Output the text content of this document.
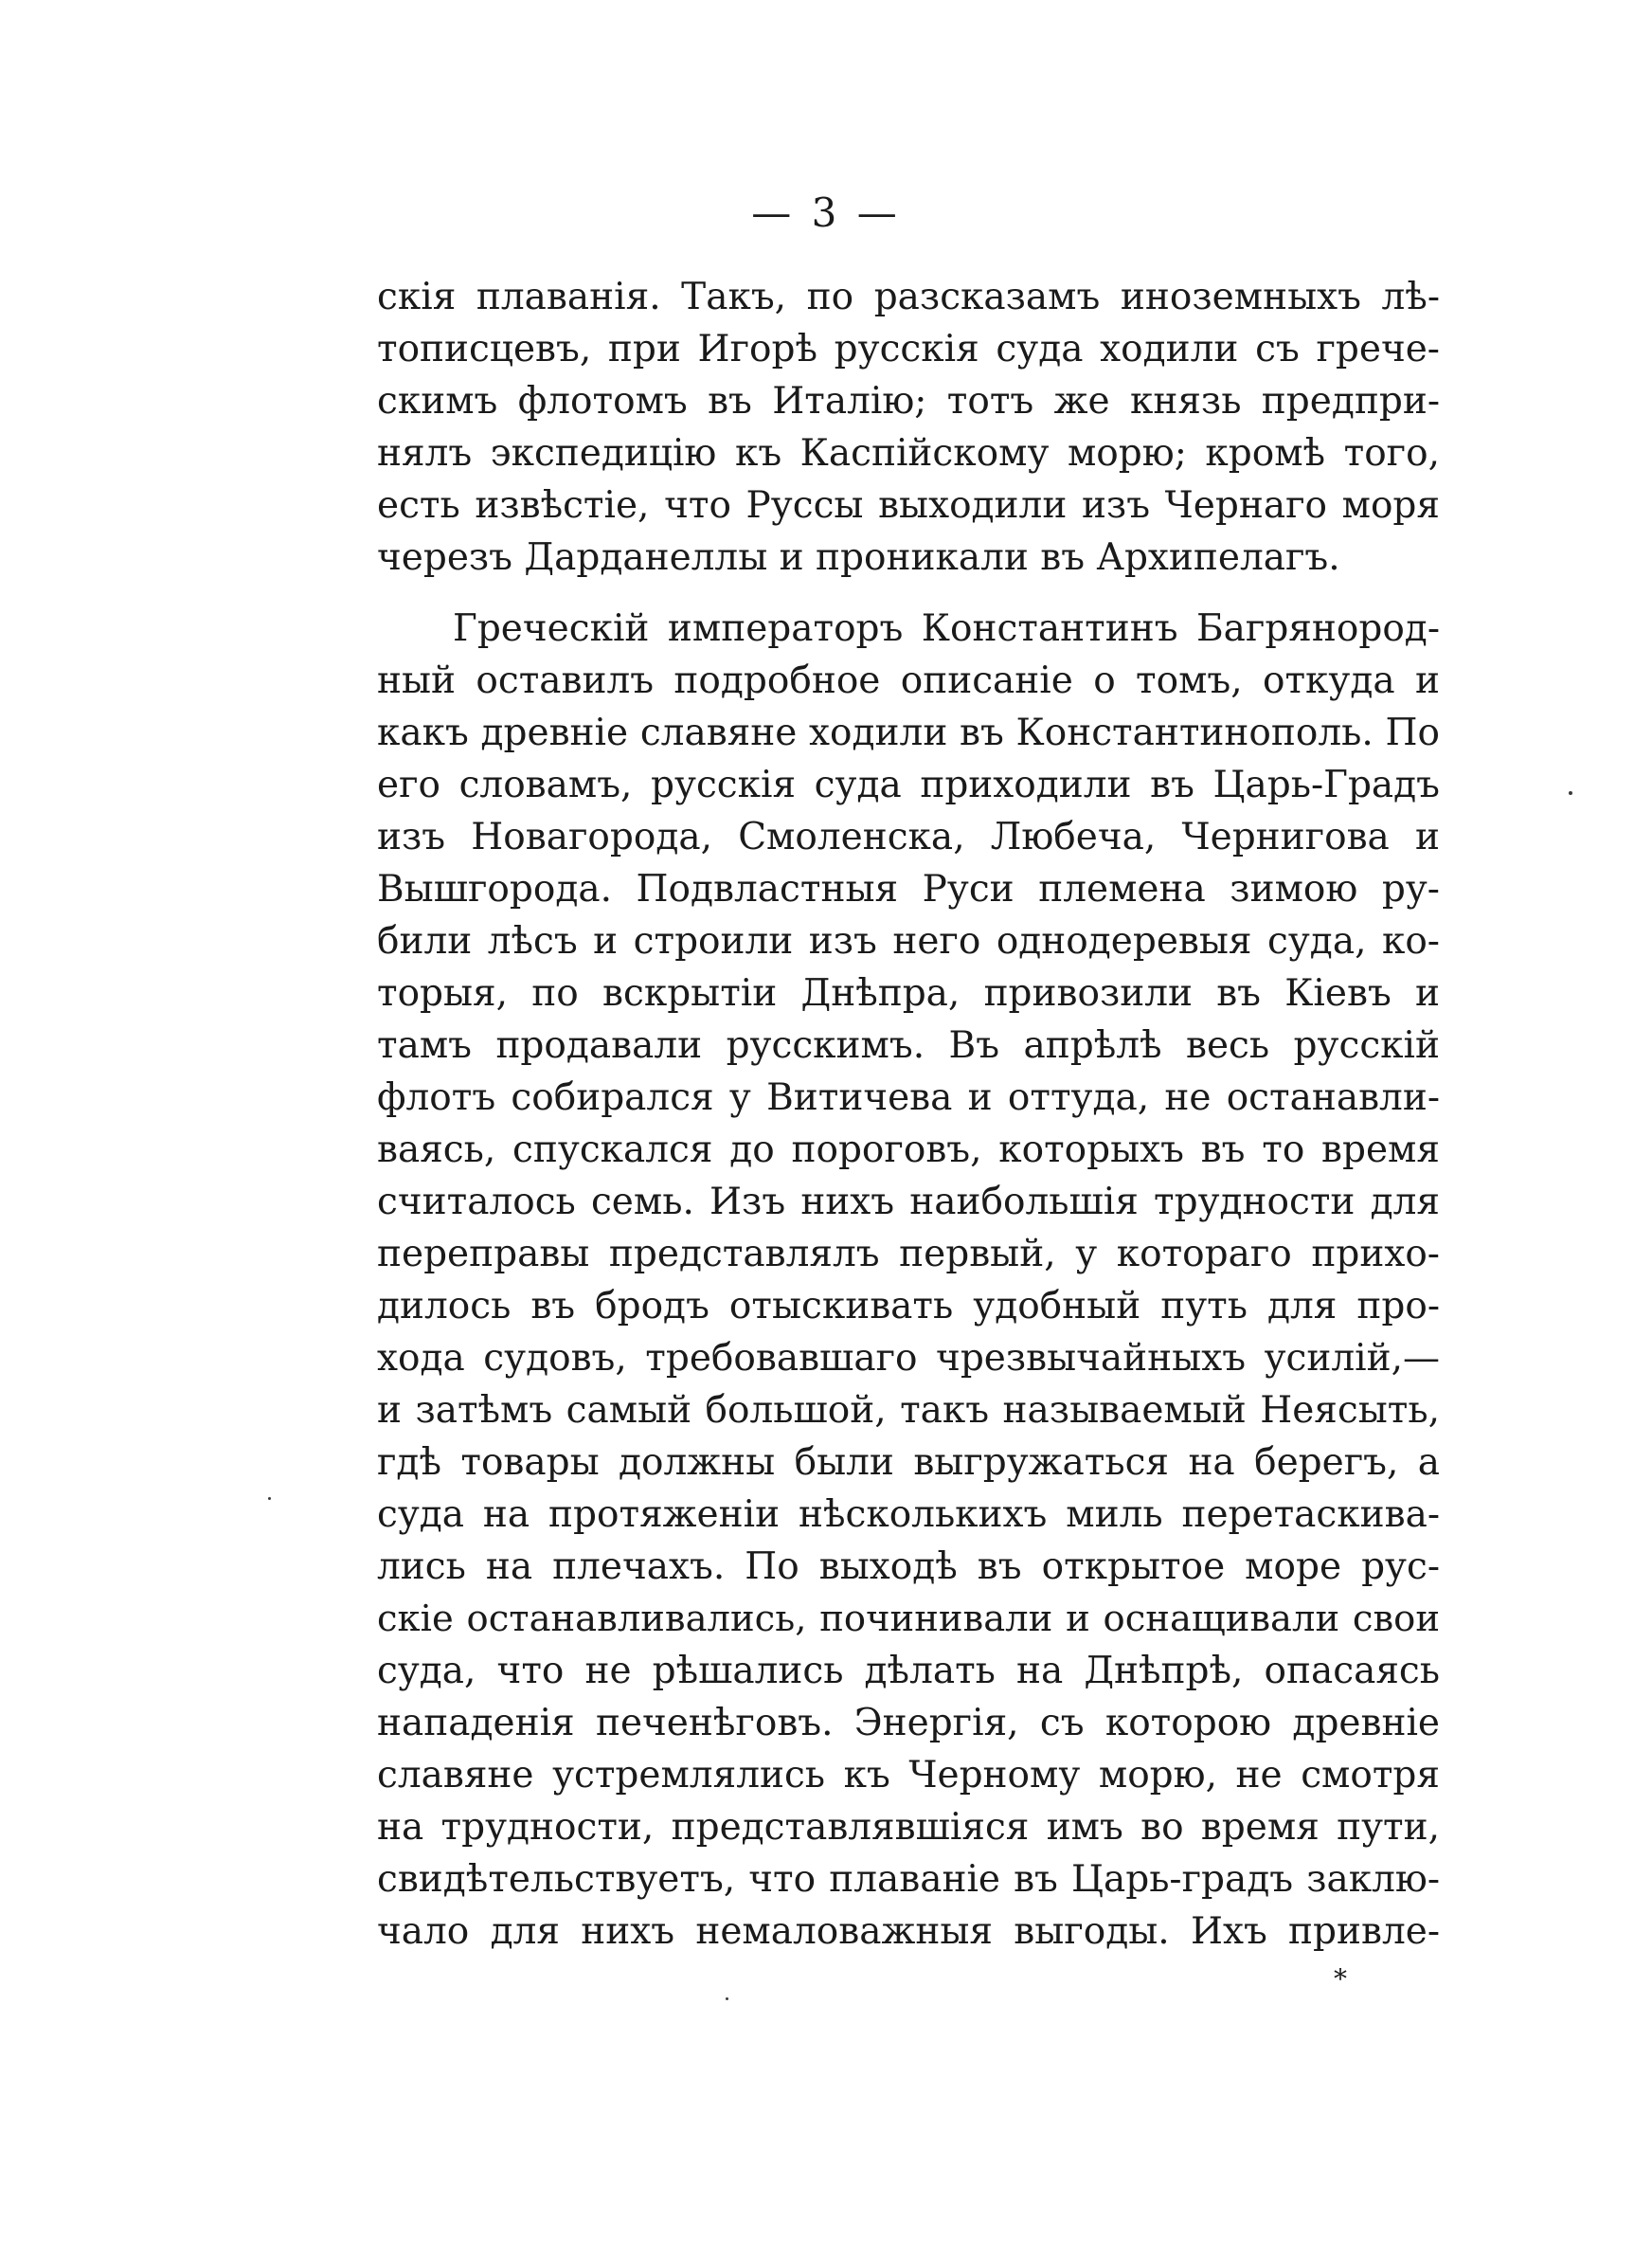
— 3 —
скія плаванія. Такъ, по разсказамъ иноземныхъ лѣ-
тописцевъ, при Игорѣ русскія суда ходили съ грече-
скимъ флотомъ въ Италію; тотъ же князь предпри-
нялъ экспедицію къ Каспійскому морю; кромѣ того,
есть извѣстіе, что Руссы выходили изъ Чернаго моря
черезъ Дарданеллы и проникали въ Архипелагъ.
Греческій императоръ Константинъ Багрянород-
ный оставилъ подробное описаніе о томъ, откуда и
какъ древніе славяне ходили въ Константинополь. По
его словамъ, русскія суда приходили въ Царь-Градъ
изъ Новагорода, Смоленска, Любеча, Чернигова и
Вышгорода. Подвластныя Руси племена зимою ру-
били лѣсъ и строили изъ него однодеревыя суда, ко-
торыя, по вскрытіи Днѣпра, привозили въ Кіевъ и
тамъ продавали русскимъ. Въ апрѣлѣ весь русскій
флотъ собирался у Витичева и оттуда, не останавли-
ваясь, спускался до пороговъ, которыхъ въ то время
считалось семь. Изъ нихъ наибольшія трудности для
переправы представлялъ первый, у котораго прихо-
дилось въ бродъ отыскивать удобный путь для про-
хода судовъ, требовавшаго чрезвычайныхъ усилій,—
и затѣмъ самый большой, такъ называемый Неясыть,
гдѣ товары должны были выгружаться на берегъ, а
суда на протяженіи нѣсколькихъ миль перетаскива-
лись на плечахъ. По выходѣ въ открытое море рус-
скіе останавливались, починивали и оснащивали свои
суда, что не рѣшались дѣлать на Днѣпрѣ, опасаясь
нападенія печенѣговъ. Энергія, съ которою древніе
славяне устремлялись къ Черному морю, не смотря
на трудности, представлявшіяся имъ во время пути,
свидѣтельствуетъ, что плаваніе въ Царь-градъ заклю-
чало для нихъ немаловажныя выгоды. Ихъ привле-
*
